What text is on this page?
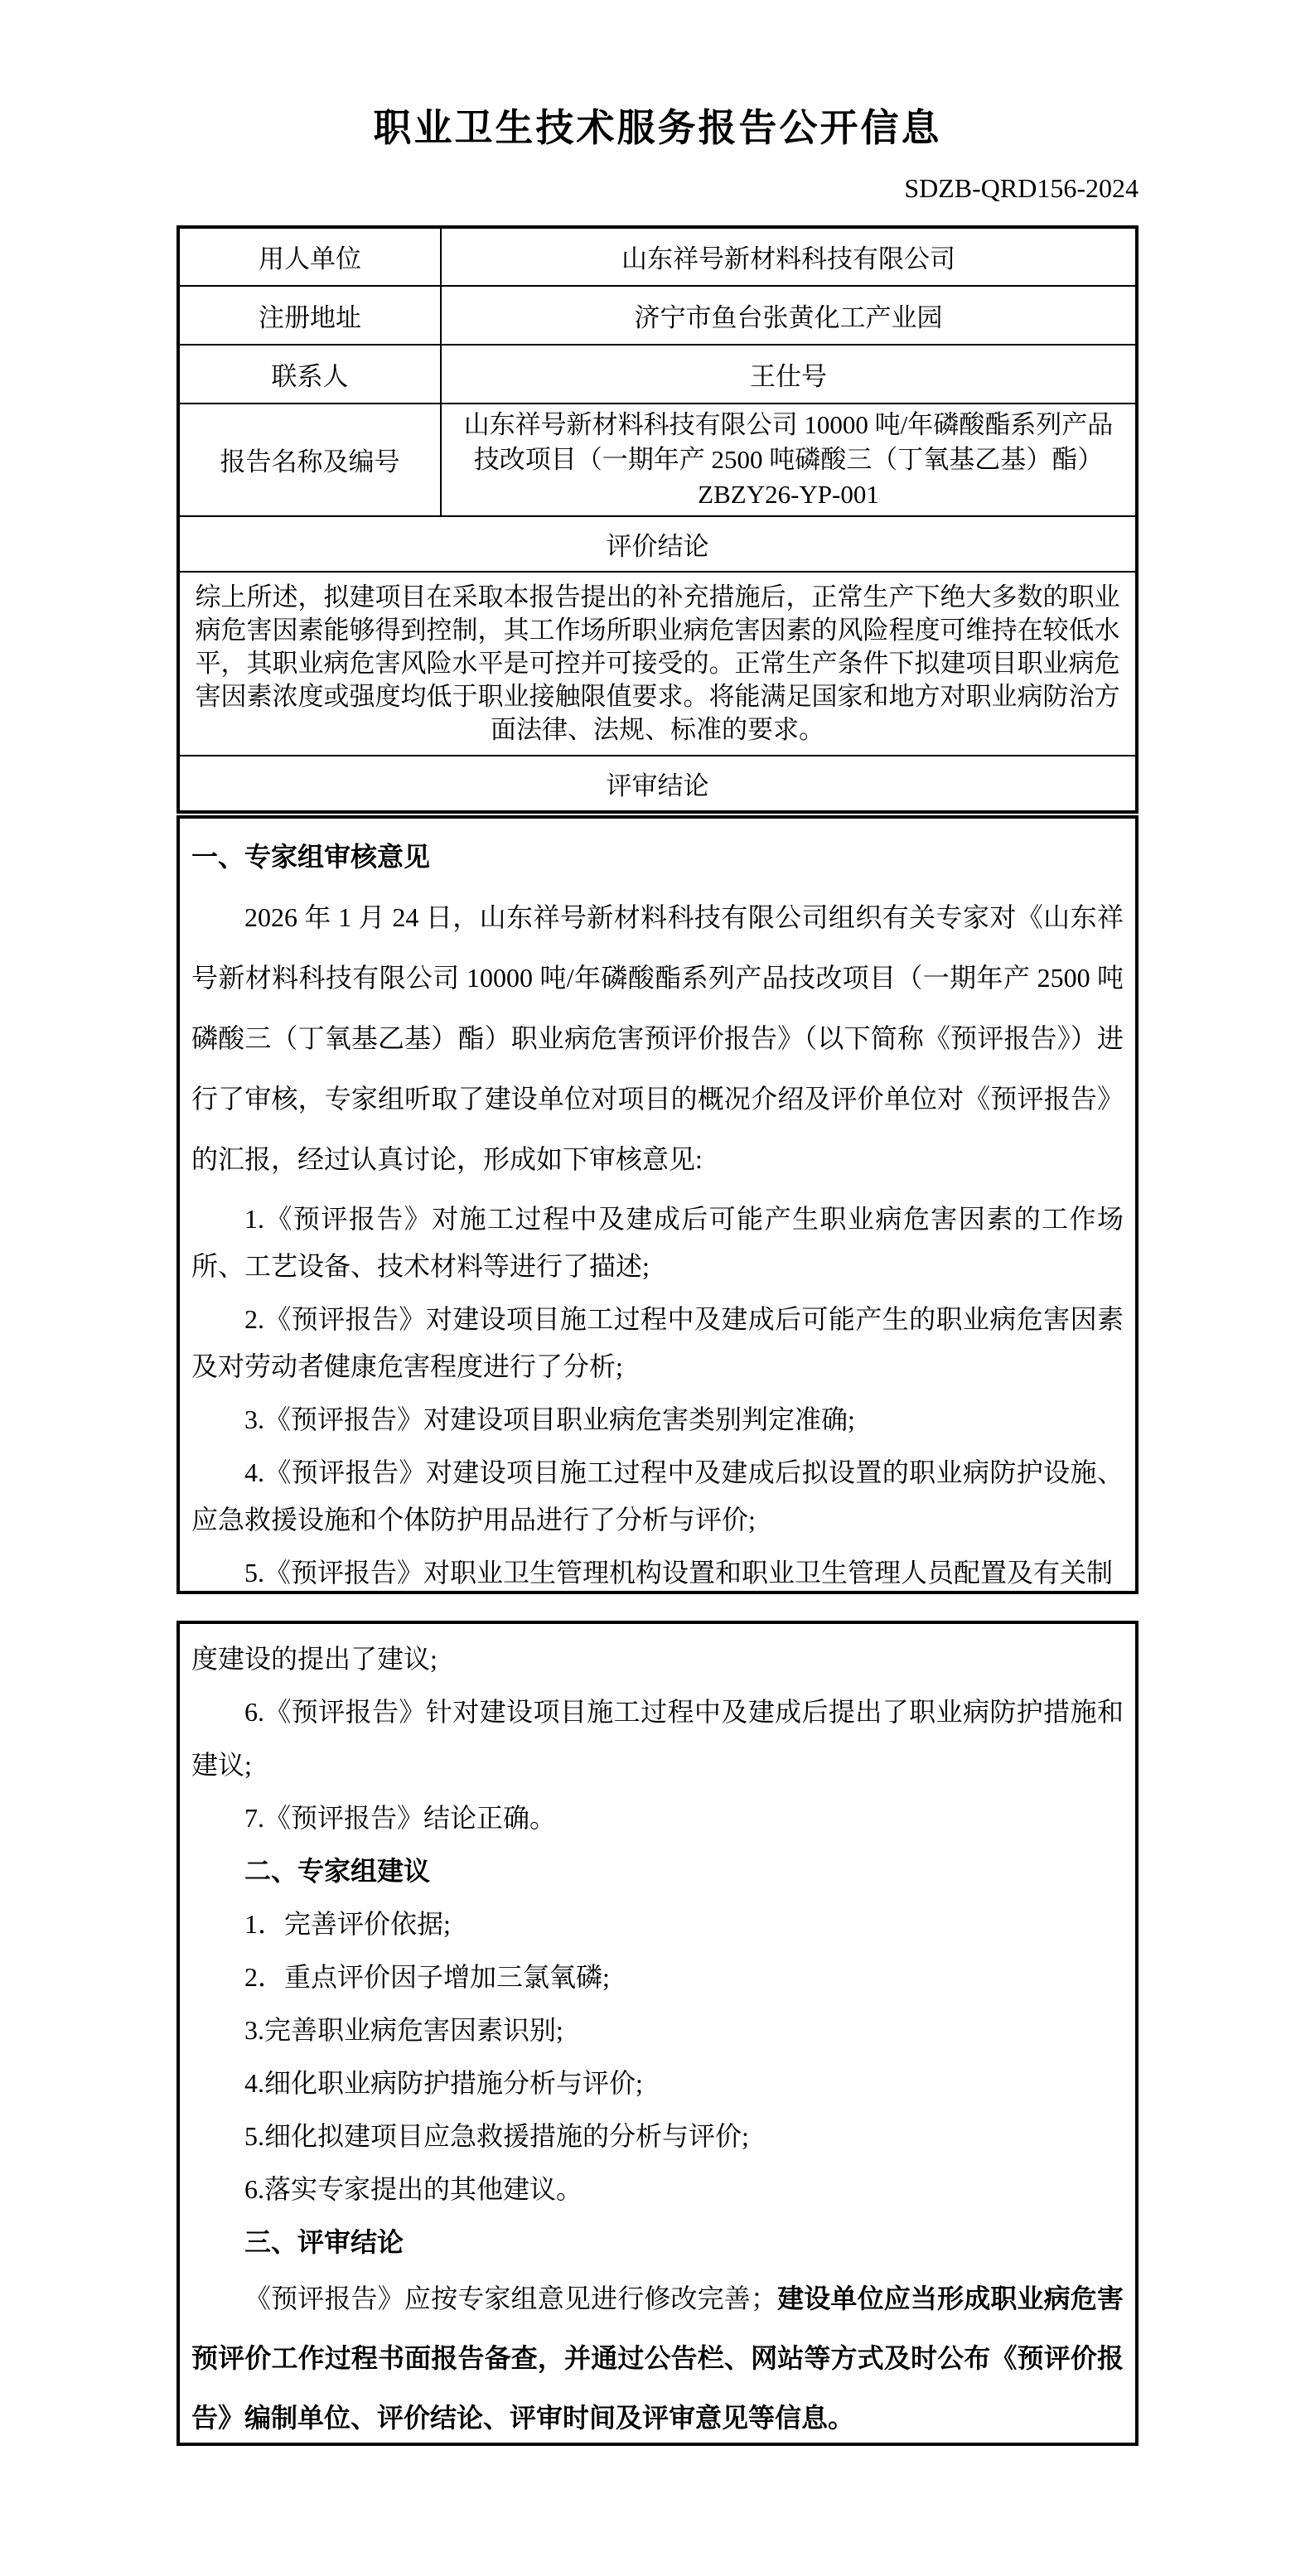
职业卫生技术服务报告公开信息
SDZB-QRD156-2024
用人单位	山东祥号新材料科技有限公司
注册地址	济宁市鱼台张黄化工产业园
联系人	王仕号
报告名称及编号	山东祥号新材料科技有限公司 10000 吨/年磷酸酯系列产品
技改项目（一期年产 2500 吨磷酸三（丁氧基乙基）酯）
ZBZY26-YP-001

评价结论	
综上所述，拟建项目在采取本报告提出的补充措施后，正常生产下绝大多数的职业病危害因素能够得到控制，其工作场所职业病危害因素的风险程度可维持在较低水平，其职业病危害风险水平是可控并可接受的。正常生产条件下拟建项目职业病危害因素浓度或强度均低于职业接触限值要求。将能满足国家和地方对职业病防治方面法律、法规、标准的要求。	
评审结论	

一、专家组审核意见

2026 年 1 月 24 日，山东祥号新材料科技有限公司组织有关专家对《山东祥号新材料科技有限公司 10000 吨/年磷酸酯系列产品技改项目（一期年产 2500 吨磷酸三（丁氧基乙基）酯）职业病危害预评价报告》（以下简称《预评报告》）进行了审核，专家组听取了建设单位对项目的概况介绍及评价单位对《预评报告》的汇报，经过认真讨论，形成如下审核意见:

1.《预评报告》对施工过程中及建成后可能产生职业病危害因素的工作场所、工艺设备、技术材料等进行了描述;

2.《预评报告》对建设项目施工过程中及建成后可能产生的职业病危害因素及对劳动者健康危害程度进行了分析;

3.《预评报告》对建设项目职业病危害类别判定准确;

4.《预评报告》对建设项目施工过程中及建成后拟设置的职业病防护设施、应急救援设施和个体防护用品进行了分析与评价;

5.《预评报告》对职业卫生管理机构设置和职业卫生管理人员配置及有关制

度建设的提出了建议;

6.《预评报告》针对建设项目施工过程中及建成后提出了职业病防护措施和建议;

7.《预评报告》结论正确。

二、专家组建议

1．完善评价依据;

2．重点评价因子增加三氯氧磷;

3.完善职业病危害因素识别;

4.细化职业病防护措施分析与评价;

5.细化拟建项目应急救援措施的分析与评价;

6.落实专家提出的其他建议。

三、评审结论

《预评报告》应按专家组意见进行修改完善；建设单位应当形成职业病危害预评价工作过程书面报告备查，并通过公告栏、网站等方式及时公布《预评价报告》编制单位、评价结论、评审时间及评审意见等信息。
